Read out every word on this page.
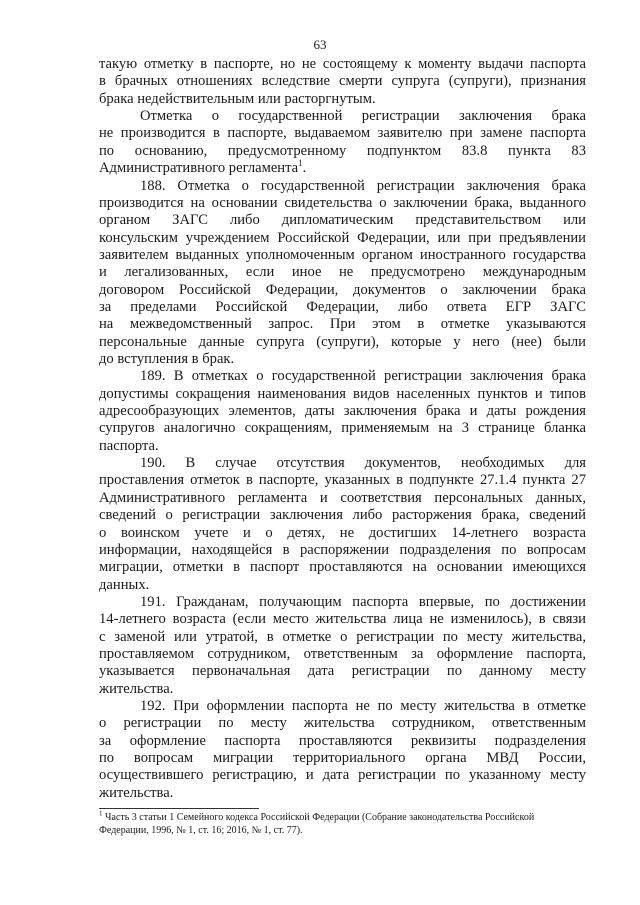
63
такую отметку в паспорте, но не состоящему к моменту выдачи паспорта
в брачных отношениях вследствие смерти супруга (супруги), признания
брака недействительным или расторгнутым.
Отметка о государственной регистрации заключения брака
не производится в паспорте, выдаваемом заявителю при замене паспорта
по основанию, предусмотренному подпунктом 83.8 пункта 83
Административного регламента$^1$.
188. Отметка о государственной регистрации заключения брака
производится на основании свидетельства о заключении брака, выданного
органом ЗАГС либо дипломатическим представительством или
консульским учреждением Российской Федерации, или при предъявлении
заявителем выданных уполномоченным органом иностранного государства
и легализованных, если иное не предусмотрено международным
договором Российской Федерации, документов о заключении брака
за пределами Российской Федерации, либо ответа ЕГР ЗАГС
на межведомственный запрос. При этом в отметке указываются
персональные данные супруга (супруги), которые у него (нее) были
до вступления в брак.
189. В отметках о государственной регистрации заключения брака
допустимы сокращения наименования видов населенных пунктов и типов
адресообразующих элементов, даты заключения брака и даты рождения
супругов аналогично сокращениям, применяемым на 3 странице бланка
паспорта.
190. В случае отсутствия документов, необходимых для
проставления отметок в паспорте, указанных в подпункте 27.1.4 пункта 27
Административного регламента и соответствия персональных данных,
сведений о регистрации заключения либо расторжения брака, сведений
о воинском учете и о детях, не достигших 14-летнего возраста
информации, находящейся в распоряжении подразделения по вопросам
миграции, отметки в паспорт проставляются на основании имеющихся
данных.
191. Гражданам, получающим паспорта впервые, по достижении
14-летнего возраста (если место жительства лица не изменилось), в связи
с заменой или утратой, в отметке о регистрации по месту жительства,
проставляемом сотрудником, ответственным за оформление паспорта,
указывается первоначальная дата регистрации по данному месту
жительства.
192. При оформлении паспорта не по месту жительства в отметке
о регистрации по месту жительства сотрудником, ответственным
за оформление паспорта проставляются реквизиты подразделения
по вопросам миграции территориального органа МВД России,
осуществившего регистрацию, и дата регистрации по указанному месту
жительства.
$^1$ Часть 3 статьи 1 Семейного кодекса Российской Федерации (Собрание законодательства Российской Федерации, 1996, № 1, ст. 16; 2016, № 1, ст. 77).
